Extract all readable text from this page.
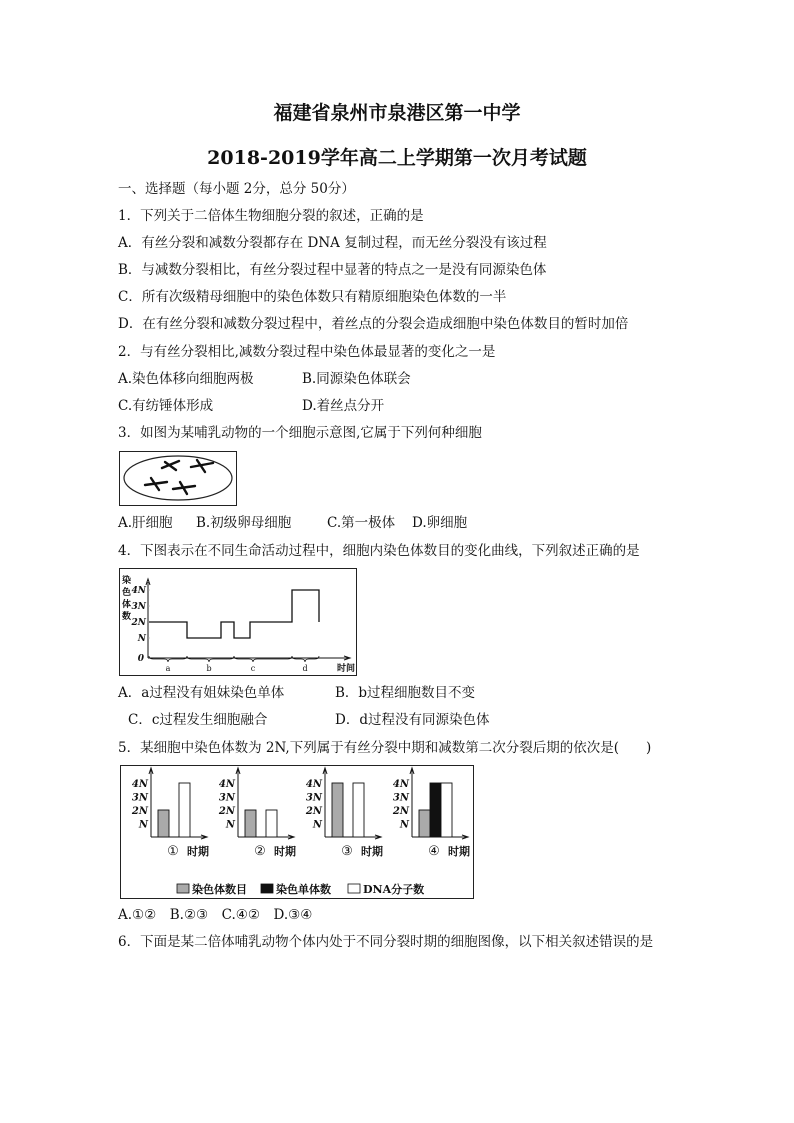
福建省泉州市泉港区第一中学
2018-2019学年高二上学期第一次月考试题
一、选择题（每小题 2分，总分 50分）
1．下列关于二倍体生物细胞分裂的叙述，正确的是
A．有丝分裂和减数分裂都存在 DNA 复制过程，而无丝分裂没有该过程
B．与减数分裂相比，有丝分裂过程中显著的特点之一是没有同源染色体
C．所有次级精母细胞中的染色体数只有精原细胞染色体数的一半
D．在有丝分裂和减数分裂过程中，着丝点的分裂会造成细胞中染色体数目的暂时加倍
2．与有丝分裂相比,减数分裂过程中染色体最显著的变化之一是
A.染色体移向细胞两极	B.同源染色体联会
C.有纺锤体形成	D.着丝点分开
3．如图为某哺乳动物的一个细胞示意图,它属于下列何种细胞
A.肝细胞 B.初级卵母细胞	C.第一极体 D.卵细胞
4．下图表示在不同生命活动过程中，细胞内染色体数目的变化曲线，下列叙述正确的是
染
色
体
数
4N
3N
2N
N
0
a	b	c	d	时间
A．a过程没有姐妹染色单体	B．b过程细胞数目不变
C．c过程发生细胞融合	D．d过程没有同源染色体
5．某细胞中染色体数为 2N,下列属于有丝分裂中期和减数第二次分裂后期的依次是(　　)
4N
3N
2N
N
时期
①
4N
3N
2N
N
时期
②
4N
3N
2N
N
时期
③
4N
3N
2N
N
时期
④
染色体数目	染色单体数	DNA分子数
A.①②　B.②③　C.④②　D.③④
6．下面是某二倍体哺乳动物个体内处于不同分裂时期的细胞图像，以下相关叙述错误的是
